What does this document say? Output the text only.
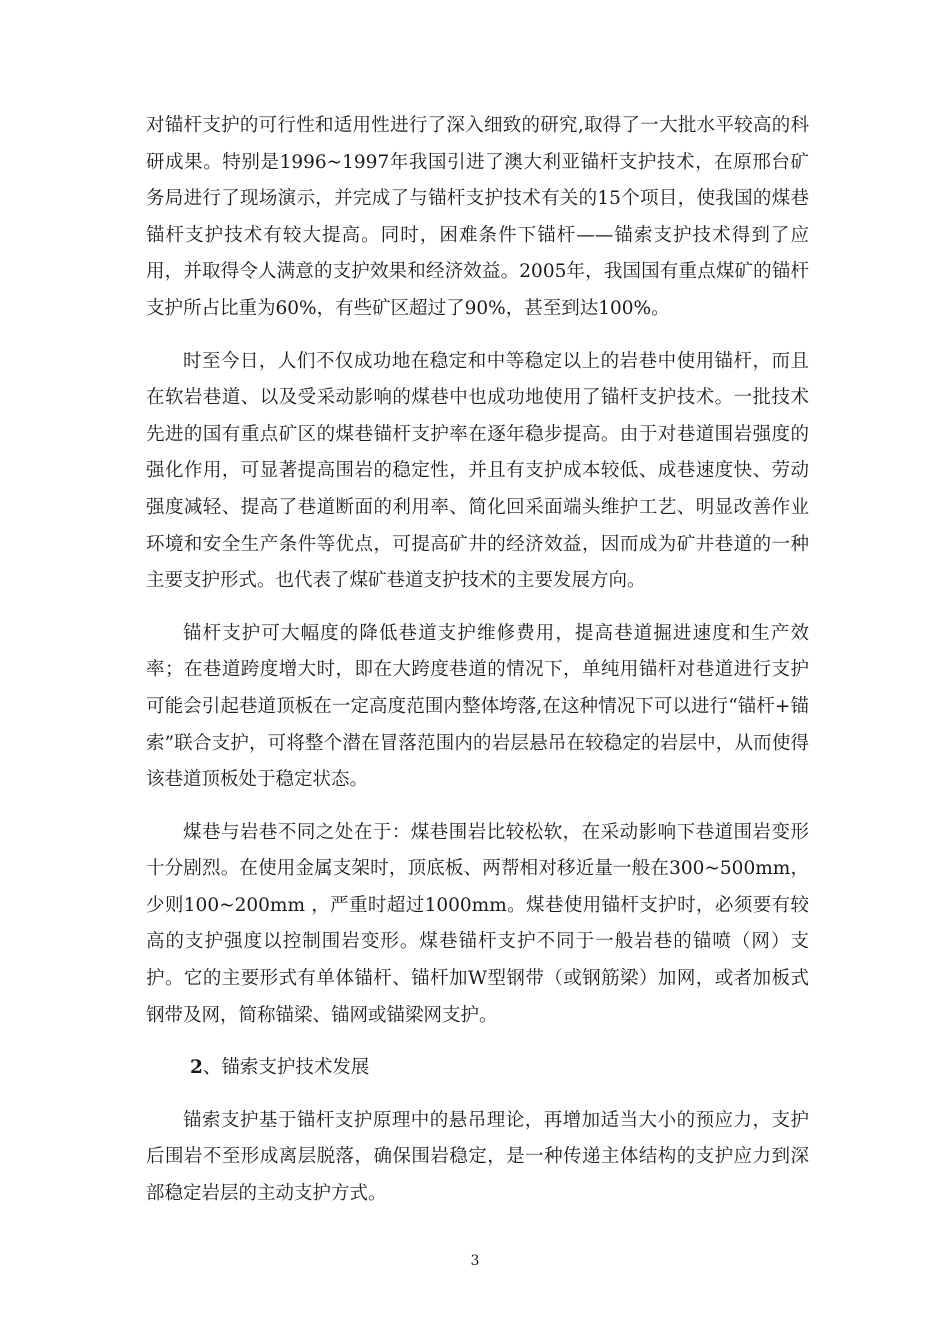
对锚杆支护的可行性和适用性进行了深入细致的研究,取得了一大批水平较高的科研成果。特别是1996~1997年我国引进了澳大利亚锚杆支护技术，在原邢台矿务局进行了现场演示，并完成了与锚杆支护技术有关的15个项目，使我国的煤巷锚杆支护技术有较大提高。同时，困难条件下锚杆——锚索支护技术得到了应用，并取得令人满意的支护效果和经济效益。2005年，我国国有重点煤矿的锚杆支护所占比重为60%，有些矿区超过了90%，甚至到达100%。

时至今日，人们不仅成功地在稳定和中等稳定以上的岩巷中使用锚杆，而且在软岩巷道、以及受采动影响的煤巷中也成功地使用了锚杆支护技术。一批技术先进的国有重点矿区的煤巷锚杆支护率在逐年稳步提高。由于对巷道围岩强度的强化作用，可显著提高围岩的稳定性，并且有支护成本较低、成巷速度快、劳动强度减轻、提高了巷道断面的利用率、简化回采面端头维护工艺、明显改善作业环境和安全生产条件等优点，可提高矿井的经济效益，因而成为矿井巷道的一种主要支护形式。也代表了煤矿巷道支护技术的主要发展方向。

锚杆支护可大幅度的降低巷道支护维修费用，提高巷道掘进速度和生产效率；在巷道跨度增大时，即在大跨度巷道的情况下，单纯用锚杆对巷道进行支护可能会引起巷道顶板在一定高度范围内整体垮落,在这种情况下可以进行“锚杆+锚索”联合支护，可将整个潜在冒落范围内的岩层悬吊在较稳定的岩层中，从而使得该巷道顶板处于稳定状态。

煤巷与岩巷不同之处在于：煤巷围岩比较松软，在采动影响下巷道围岩变形十分剧烈。在使用金属支架时，顶底板、两帮相对移近量一般在300~500mm，少则100~200mm ，严重时超过1000mm。煤巷使用锚杆支护时，必须要有较高的支护强度以控制围岩变形。煤巷锚杆支护不同于一般岩巷的锚喷（网）支护。它的主要形式有单体锚杆、锚杆加W型钢带（或钢筋梁）加网，或者加板式钢带及网，简称锚梁、锚网或锚梁网支护。

2、锚索支护技术发展

锚索支护基于锚杆支护原理中的悬吊理论，再增加适当大小的预应力，支护后围岩不至形成离层脱落，确保围岩稳定，是一种传递主体结构的支护应力到深部稳定岩层的主动支护方式。

3
